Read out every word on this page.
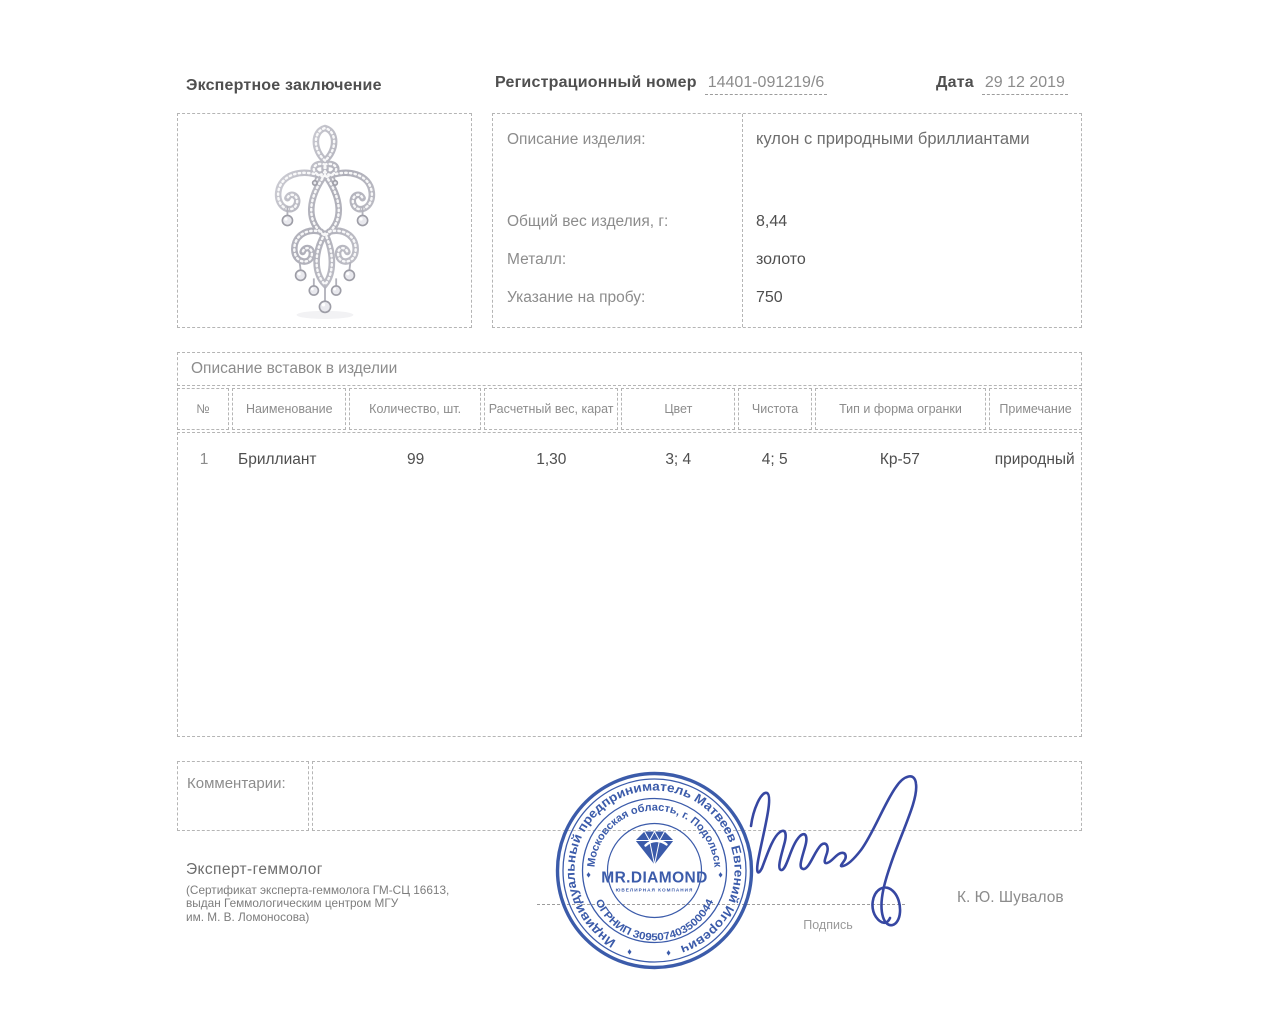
Экспертное заключение	Регистрационный номер 14401-091219/6	Дата 29 12 2019
Описание изделия:	кулон с природными бриллиантами
Общий вес изделия, г:	8,44
Металл:	золото
Указание на пробу:	750
Описание вставок в изделии
№	Наименование	Количество, шт.	Расчетный вес, карат	Цвет	Чистота	Тип и форма огранки	Примечание
1	Бриллиант	99	1,30	3; 4	4; 5	Кр-57	природный
Комментарии:
Подпись
К. Ю. Шувалов
Эксперт-геммолог
(Сертификат эксперта-геммолога ГМ-СЦ 16613,
выдан Геммологическим центром МГУ
им. М. В. Ломоносова)
Индивидуальный предприниматель Матвеев Евгений Игоревич
Московская область, г. Подольск
ОГРНИП 309507403500044
♦	♦
♦	♦
MR.DIAMOND
ЮВЕЛИРНАЯ КОМПАНИЯ
